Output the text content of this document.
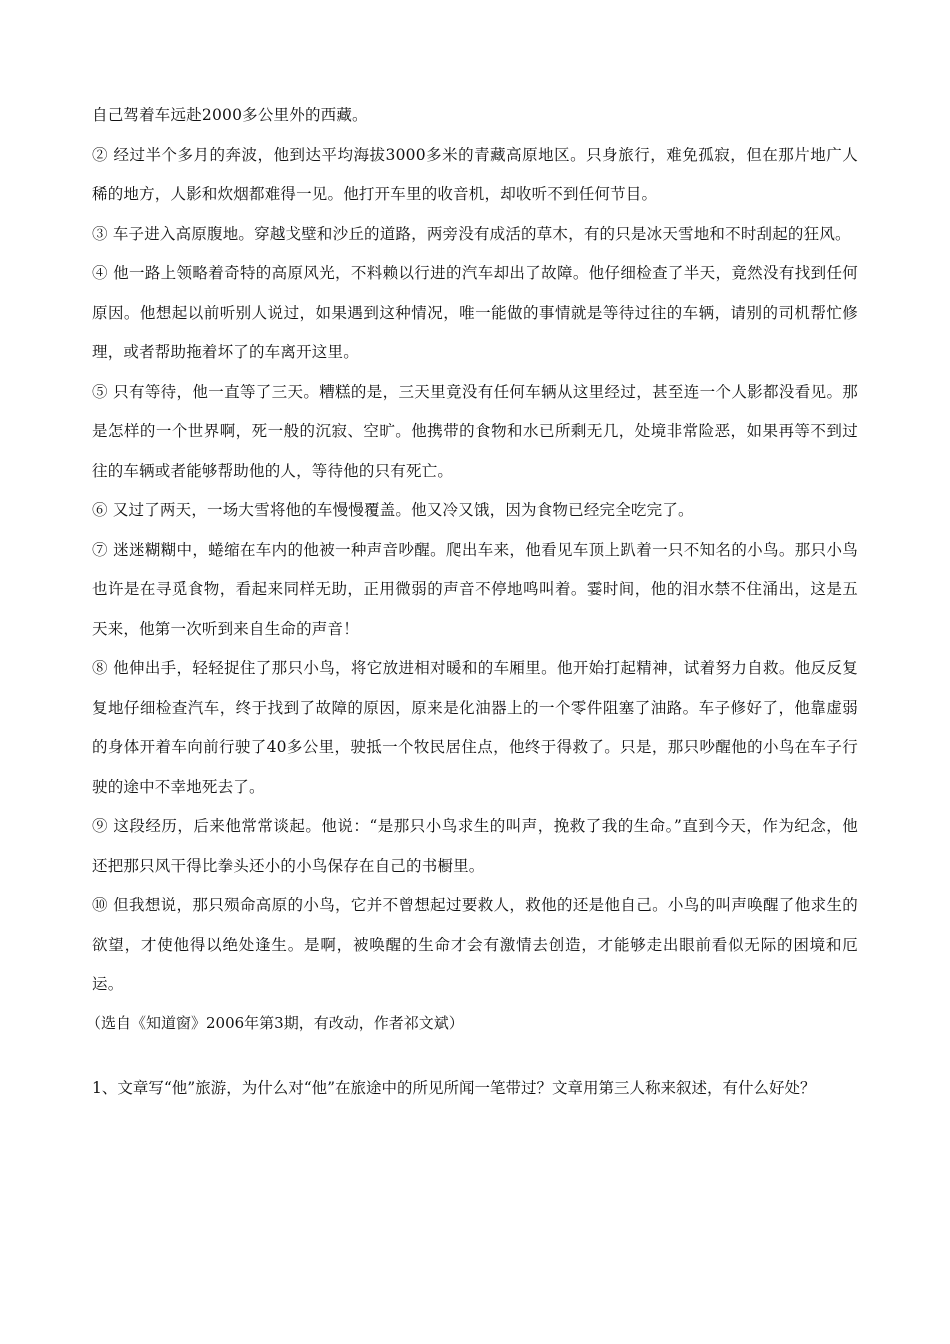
自己驾着车远赴2000多公里外的西藏。

② 经过半个多月的奔波，他到达平均海拔3000多米的青藏高原地区。只身旅行，难免孤寂，但在那片地广人稀的地方，人影和炊烟都难得一见。他打开车里的收音机，却收听不到任何节目。

③ 车子进入高原腹地。穿越戈壁和沙丘的道路，两旁没有成活的草木，有的只是冰天雪地和不时刮起的狂风。

④ 他一路上领略着奇特的高原风光，不料赖以行进的汽车却出了故障。他仔细检查了半天，竟然没有找到任何原因。他想起以前听别人说过，如果遇到这种情况，唯一能做的事情就是等待过往的车辆，请别的司机帮忙修理，或者帮助拖着坏了的车离开这里。

⑤ 只有等待，他一直等了三天。糟糕的是，三天里竟没有任何车辆从这里经过，甚至连一个人影都没看见。那是怎样的一个世界啊，死一般的沉寂、空旷。他携带的食物和水已所剩无几，处境非常险恶，如果再等不到过往的车辆或者能够帮助他的人，等待他的只有死亡。

⑥ 又过了两天，一场大雪将他的车慢慢覆盖。他又冷又饿，因为食物已经完全吃完了。

⑦ 迷迷糊糊中，蜷缩在车内的他被一种声音吵醒。爬出车来，他看见车顶上趴着一只不知名的小鸟。那只小鸟也许是在寻觅食物，看起来同样无助，正用微弱的声音不停地鸣叫着。霎时间，他的泪水禁不住涌出，这是五天来，他第一次听到来自生命的声音！

⑧ 他伸出手，轻轻捉住了那只小鸟，将它放进相对暖和的车厢里。他开始打起精神，试着努力自救。他反反复复地仔细检查汽车，终于找到了故障的原因，原来是化油器上的一个零件阻塞了油路。车子修好了，他靠虚弱的身体开着车向前行驶了40多公里，驶抵一个牧民居住点，他终于得救了。只是，那只吵醒他的小鸟在车子行驶的途中不幸地死去了。

⑨ 这段经历，后来他常常谈起。他说：“是那只小鸟求生的叫声，挽救了我的生命。”直到今天，作为纪念，他还把那只风干得比拳头还小的小鸟保存在自己的书橱里。

⑩ 但我想说，那只殒命高原的小鸟，它并不曾想起过要救人，救他的还是他自己。小鸟的叫声唤醒了他求生的欲望，才使他得以绝处逢生。是啊，被唤醒的生命才会有激情去创造，才能够走出眼前看似无际的困境和厄运。

（选自《知道窗》2006年第3期，有改动，作者祁文斌）

1、文章写“他”旅游，为什么对“他”在旅途中的所见所闻一笔带过？文章用第三人称来叙述，有什么好处？
